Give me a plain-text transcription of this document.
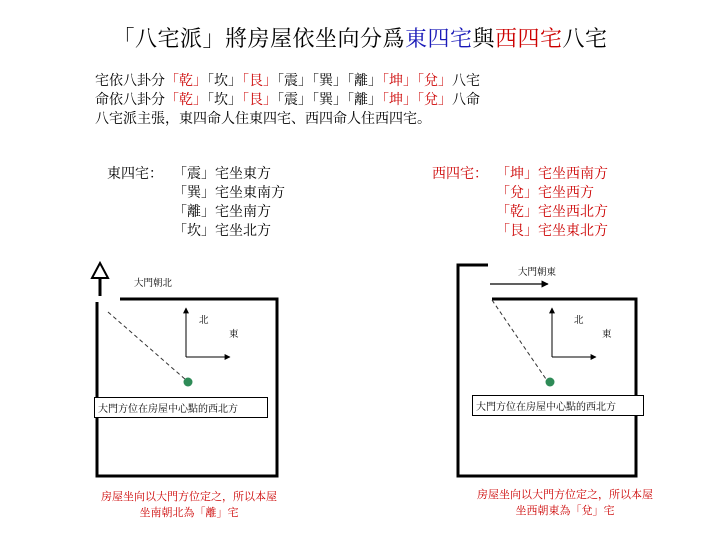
「八宅派」將房屋依坐向分爲東四宅與西四宅八宅
宅依八卦分「乾」「坎」「艮」「震」「巽」「離」「坤」「兌」八宅
命依八卦分「乾」「坎」「艮」「震」「巽」「離」「坤」「兌」八命
八宅派主張，東四命人住東四宅、西四命人住西四宅。
東四宅： 「震」宅坐東方
「巽」宅坐東南方
「離」宅坐南方
「坎」宅坐北方
西四宅： 「坤」宅坐西南方
「兌」宅坐西方
「乾」宅坐西北方
「艮」宅坐東北方
大門朝北
北
東
大門方位在房屋中心點的西北方
房屋坐向以大門方位定之，所以本屋
坐南朝北為「離」宅
大門朝東
北
東
大門方位在房屋中心點的西北方
房屋坐向以大門方位定之，所以本屋
坐西朝東為「兌」宅
